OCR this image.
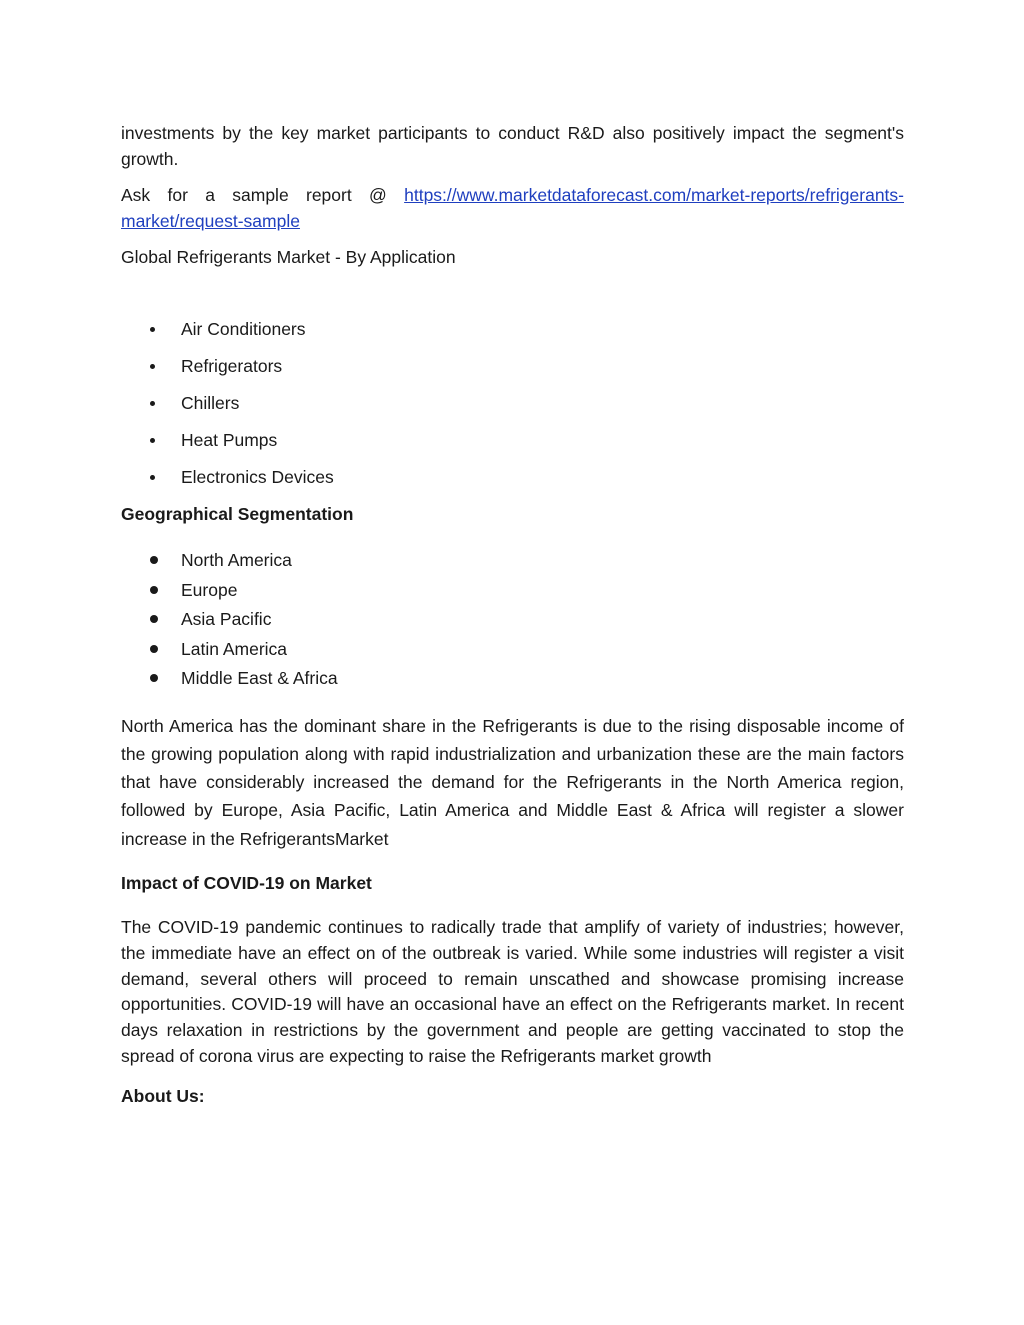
investments by the key market participants to conduct R&D also positively impact the segment's growth.

Ask for a sample report @ https://www.marketdataforecast.com/market-reports/refrigerants-market/request-sample

Global Refrigerants Market - By Application

Air Conditioners
Refrigerators
Chillers
Heat Pumps
Electronics Devices

Geographical Segmentation

North America
Europe
Asia Pacific
Latin America
Middle East & Africa

North America has the dominant share in the Refrigerants is due to the rising disposable income of the growing population along with rapid industrialization and urbanization these are the main factors that have considerably increased the demand for the Refrigerants in the North America region, followed by Europe, Asia Pacific, Latin America and Middle East & Africa will register a slower increase in the RefrigerantsMarket

Impact of COVID-19 on Market

The COVID-19 pandemic continues to radically trade that amplify of variety of industries; however, the immediate have an effect on of the outbreak is varied. While some industries will register a visit demand, several others will proceed to remain unscathed and showcase promising increase opportunities. COVID-19 will have an occasional have an effect on the Refrigerants market. In recent days relaxation in restrictions by the government and people are getting vaccinated to stop the spread of corona virus are expecting to raise the Refrigerants market growth

About Us:
